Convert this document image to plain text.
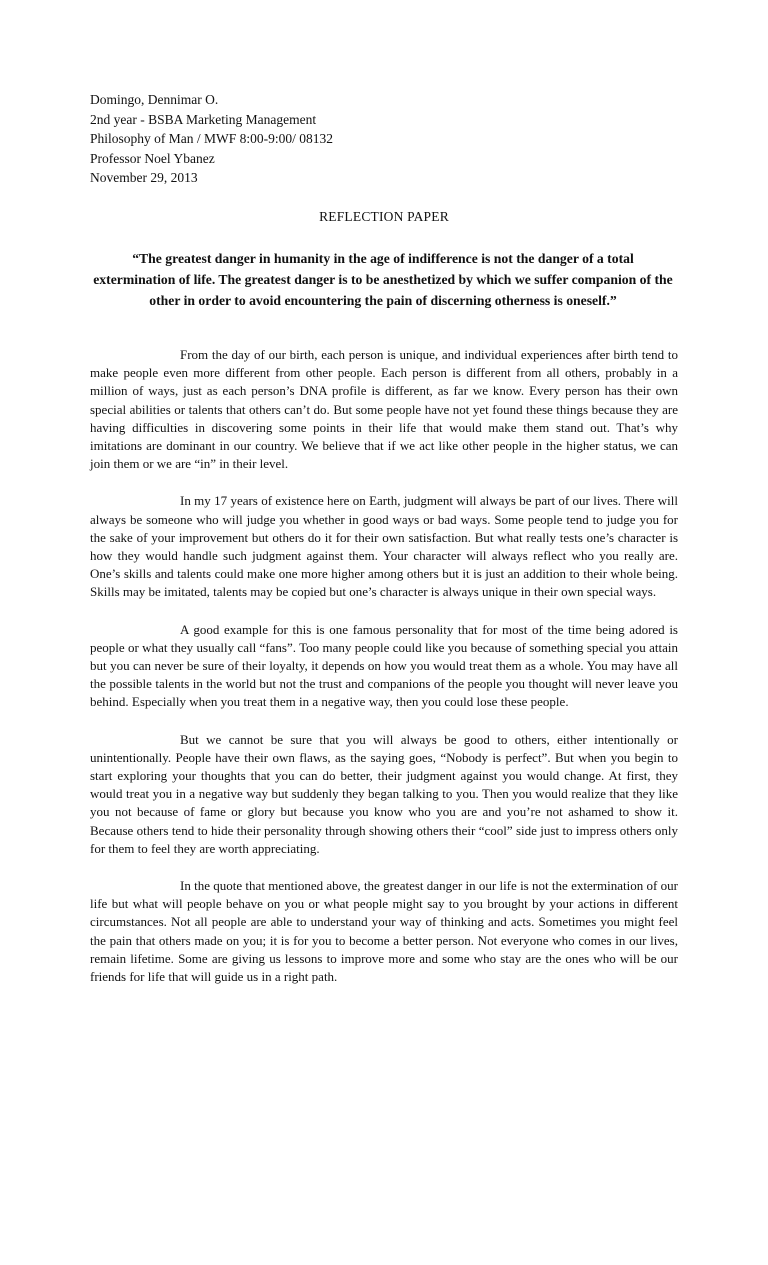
Domingo, Dennimar O.
2nd year - BSBA Marketing Management
Philosophy of Man / MWF 8:00-9:00/ 08132
Professor Noel Ybanez
November 29, 2013
REFLECTION PAPER
“The greatest danger in humanity in the age of indifference is not the danger of a total extermination of life. The greatest danger is to be anesthetized by which we suffer companion of the other in order to avoid encountering the pain of discerning otherness is oneself.”

From the day of our birth, each person is unique, and individual experiences after birth tend to make people even more different from other people. Each person is different from all others, probably in a million of ways, just as each person’s DNA profile is different, as far we know. Every person has their own special abilities or talents that others can’t do. But some people have not yet found these things because they are having difficulties in discovering some points in their life that would make them stand out. That’s why imitations are dominant in our country. We believe that if we act like other people in the higher status, we can join them or we are “in” in their level.

In my 17 years of existence here on Earth, judgment will always be part of our lives. There will always be someone who will judge you whether in good ways or bad ways. Some people tend to judge you for the sake of your improvement but others do it for their own satisfaction. But what really tests one’s character is how they would handle such judgment against them. Your character will always reflect who you really are. One’s skills and talents could make one more higher among others but it is just an addition to their whole being. Skills may be imitated, talents may be copied but one’s character is always unique in their own special ways.

A good example for this is one famous personality that for most of the time being adored is people or what they usually call “fans”. Too many people could like you because of something special you attain but you can never be sure of their loyalty, it depends on how you would treat them as a whole. You may have all the possible talents in the world but not the trust and companions of the people you thought will never leave you behind. Especially when you treat them in a negative way, then you could lose these people.

But we cannot be sure that you will always be good to others, either intentionally or unintentionally. People have their own flaws, as the saying goes, “Nobody is perfect”. But when you begin to start exploring your thoughts that you can do better, their judgment against you would change. At first, they would treat you in a negative way but suddenly they began talking to you. Then you would realize that they like you not because of fame or glory but because you know who you are and you’re not ashamed to show it. Because others tend to hide their personality through showing others their “cool” side just to impress others only for them to feel they are worth appreciating.

In the quote that mentioned above, the greatest danger in our life is not the extermination of our life but what will people behave on you or what people might say to you brought by your actions in different circumstances. Not all people are able to understand your way of thinking and acts. Sometimes you might feel the pain that others made on you; it is for you to become a better person. Not everyone who comes in our lives, remain lifetime. Some are giving us lessons to improve more and some who stay are the ones who will be our friends for life that will guide us in a right path.
